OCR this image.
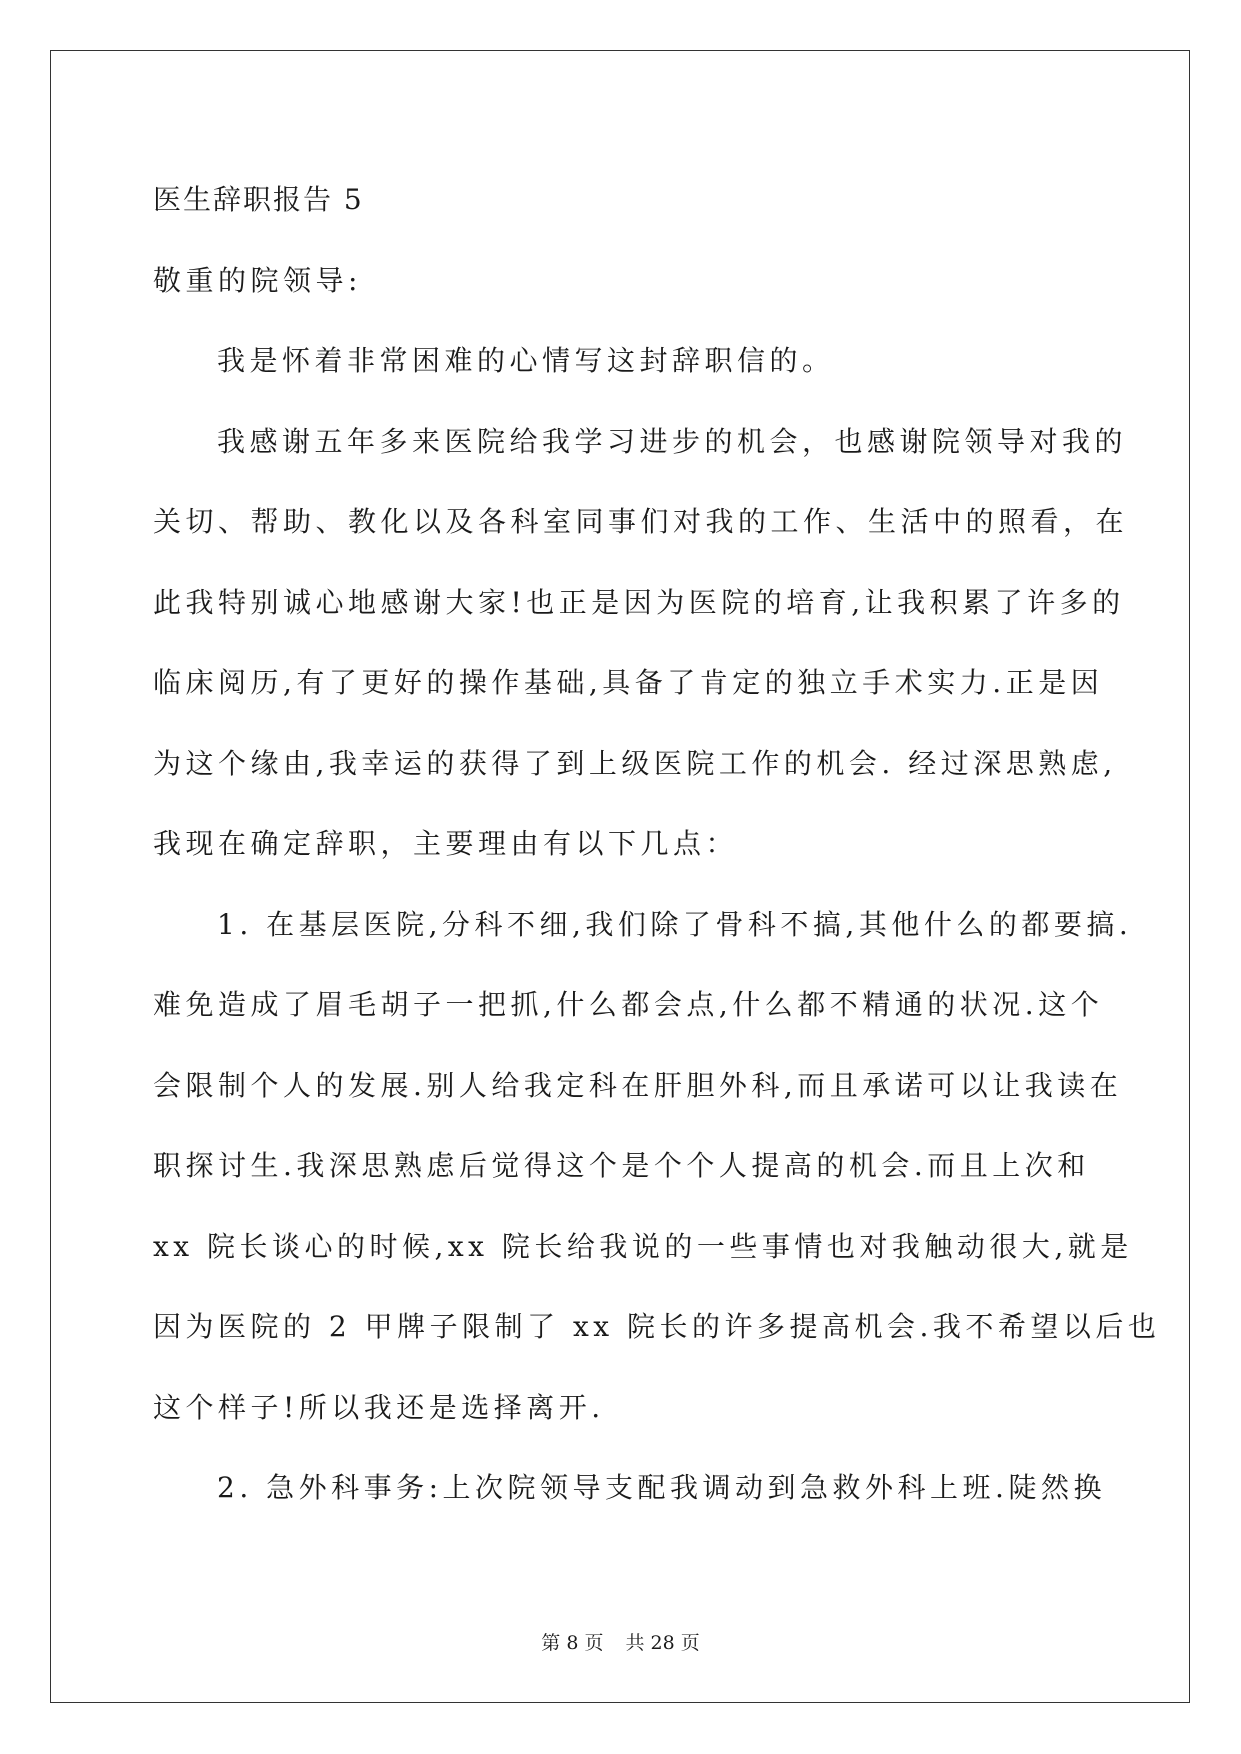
医生辞职报告 5
敬重的院领导:
我是怀着非常困难的心情写这封辞职信的。
我感谢五年多来医院给我学习进步的机会，也感谢院领导对我的
关切、帮助、教化以及各科室同事们对我的工作、生活中的照看，在
此我特别诚心地感谢大家!也正是因为医院的培育,让我积累了许多的
临床阅历,有了更好的操作基础,具备了肯定的独立手术实力.正是因
为这个缘由,我幸运的获得了到上级医院工作的机会. 经过深思熟虑,
我现在确定辞职，主要理由有以下几点：
1. 在基层医院,分科不细,我们除了骨科不搞,其他什么的都要搞.
难免造成了眉毛胡子一把抓,什么都会点,什么都不精通的状况.这个
会限制个人的发展.别人给我定科在肝胆外科,而且承诺可以让我读在
职探讨生.我深思熟虑后觉得这个是个个人提高的机会.而且上次和
xx 院长谈心的时候,xx 院长给我说的一些事情也对我触动很大,就是
因为医院的 2 甲牌子限制了 xx 院长的许多提高机会.我不希望以后也
这个样子!所以我还是选择离开.
2. 急外科事务:上次院领导支配我调动到急救外科上班.陡然换
第 8 页 共 28 页
